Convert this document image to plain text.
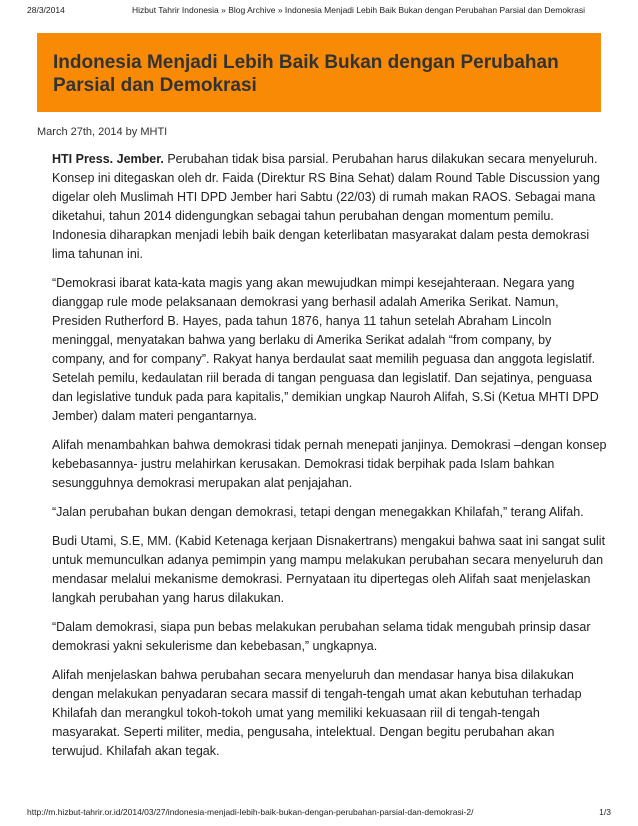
28/3/2014	Hizbut Tahrir Indonesia » Blog Archive » Indonesia Menjadi Lebih Baik Bukan dengan Perubahan Parsial dan Demokrasi
Indonesia Menjadi Lebih Baik Bukan dengan Perubahan Parsial dan Demokrasi
March 27th, 2014 by MHTI

HTI Press. Jember. Perubahan tidak bisa parsial. Perubahan harus dilakukan secara menyeluruh. Konsep ini ditegaskan oleh dr. Faida (Direktur RS Bina Sehat) dalam Round Table Discussion yang digelar oleh Muslimah HTI DPD Jember hari Sabtu (22/03) di rumah makan RAOS. Sebagai mana diketahui, tahun 2014 didengungkan sebagai tahun perubahan dengan momentum pemilu. Indonesia diharapkan menjadi lebih baik dengan keterlibatan masyarakat dalam pesta demokrasi lima tahunan ini.

“Demokrasi ibarat kata-kata magis yang akan mewujudkan mimpi kesejahteraan. Negara yang dianggap rule mode pelaksanaan demokrasi yang berhasil adalah Amerika Serikat. Namun, Presiden Rutherford B. Hayes, pada tahun 1876, hanya 11 tahun setelah Abraham Lincoln meninggal, menyatakan bahwa yang berlaku di Amerika Serikat adalah “from company, by company, and for company”. Rakyat hanya berdaulat saat memilih peguasa dan anggota legislatif. Setelah pemilu, kedaulatan riil berada di tangan penguasa dan legislatif. Dan sejatinya, penguasa dan legislative tunduk pada para kapitalis,” demikian ungkap Nauroh Alifah, S.Si (Ketua MHTI DPD Jember) dalam materi pengantarnya.

Alifah menambahkan bahwa demokrasi tidak pernah menepati janjinya. Demokrasi –dengan konsep kebebasannya- justru melahirkan kerusakan. Demokrasi tidak berpihak pada Islam bahkan sesungguhnya demokrasi merupakan alat penjajahan.

“Jalan perubahan bukan dengan demokrasi, tetapi dengan menegakkan Khilafah,” terang Alifah.

Budi Utami, S.E, MM. (Kabid Ketenaga kerjaan Disnakertrans) mengakui bahwa saat ini sangat sulit untuk memunculkan adanya pemimpin yang mampu melakukan perubahan secara menyeluruh dan mendasar melalui mekanisme demokrasi. Pernyataan itu dipertegas oleh Alifah saat menjelaskan langkah perubahan yang harus dilakukan.

“Dalam demokrasi, siapa pun bebas melakukan perubahan selama tidak mengubah prinsip dasar demokrasi yakni sekulerisme dan kebebasan,” ungkapnya.

Alifah menjelaskan bahwa perubahan secara menyeluruh dan mendasar hanya bisa dilakukan dengan melakukan penyadaran secara massif di tengah-tengah umat akan kebutuhan terhadap Khilafah dan merangkul tokoh-tokoh umat yang memiliki kekuasaan riil di tengah-tengah masyarakat. Seperti militer, media, pengusaha, intelektual. Dengan begitu perubahan akan terwujud. Khilafah akan tegak.

http://m.hizbut-tahrir.or.id/2014/03/27/indonesia-menjadi-lebih-baik-bukan-dengan-perubahan-parsial-dan-demokrasi-2/	1/3
